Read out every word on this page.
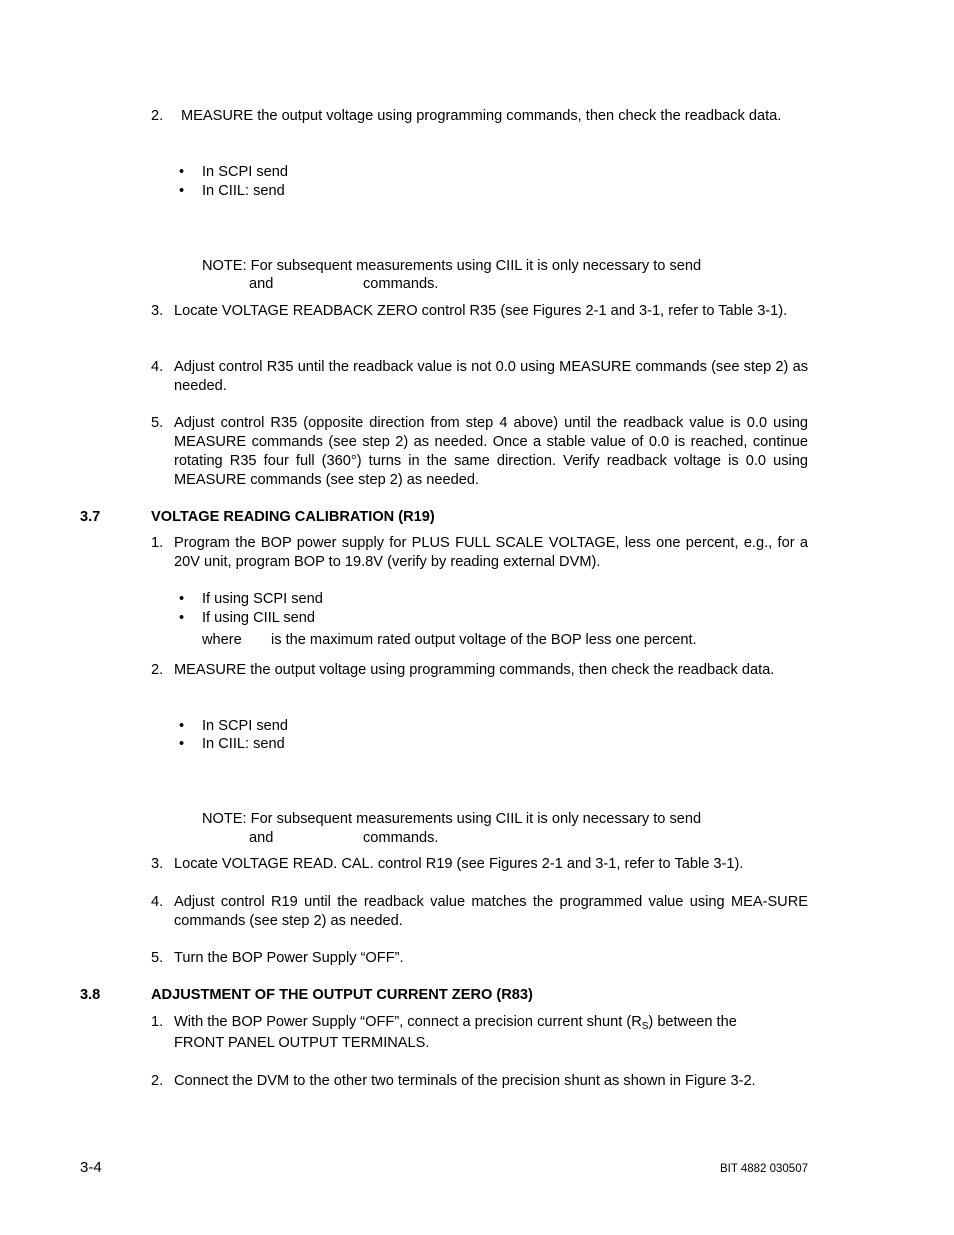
2.	MEASURE the output voltage using programming commands, then check the readback data.
• In SCPI send
• In CIIL: send
NOTE: For subsequent measurements using CIIL it is only necessary to send
and	commands.
3. Locate VOLTAGE READBACK ZERO control R35 (see Figures 2-1 and 3-1, refer to Table 3-1).
4. Adjust control R35 until the readback value is not 0.0 using MEASURE commands (see step 2) as needed.
5. Adjust control R35 (opposite direction from step 4 above) until the readback value is 0.0 using MEASURE commands (see step 2) as needed. Once a stable value of 0.0 is reached, continue rotating R35 four full (360°) turns in the same direction. Verify readback voltage is 0.0 using MEASURE commands (see step 2) as needed.
3.7	VOLTAGE READING CALIBRATION (R19)
1. Program the BOP power supply for PLUS FULL SCALE VOLTAGE, less one percent, e.g., for a 20V unit, program BOP to 19.8V (verify by reading external DVM).
• If using SCPI send
• If using CIIL send
where is the maximum rated output voltage of the BOP less one percent.
2. MEASURE the output voltage using programming commands, then check the readback data.
• In SCPI send
• In CIIL: send
NOTE: For subsequent measurements using CIIL it is only necessary to send
and	commands.
3. Locate VOLTAGE READ. CAL. control R19 (see Figures 2-1 and 3-1, refer to Table 3-1).
4. Adjust control R19 until the readback value matches the programmed value using MEA-SURE commands (see step 2) as needed.
5. Turn the BOP Power Supply “OFF”.
3.8	ADJUSTMENT OF THE OUTPUT CURRENT ZERO (R83)
1. With the BOP Power Supply “OFF”, connect a precision current shunt $(R_S)$ between the
FRONT PANEL OUTPUT TERMINALS.
2. Connect the DVM to the other two terminals of the precision shunt as shown in Figure 3-2.
3-4	BIT 4882 030507
